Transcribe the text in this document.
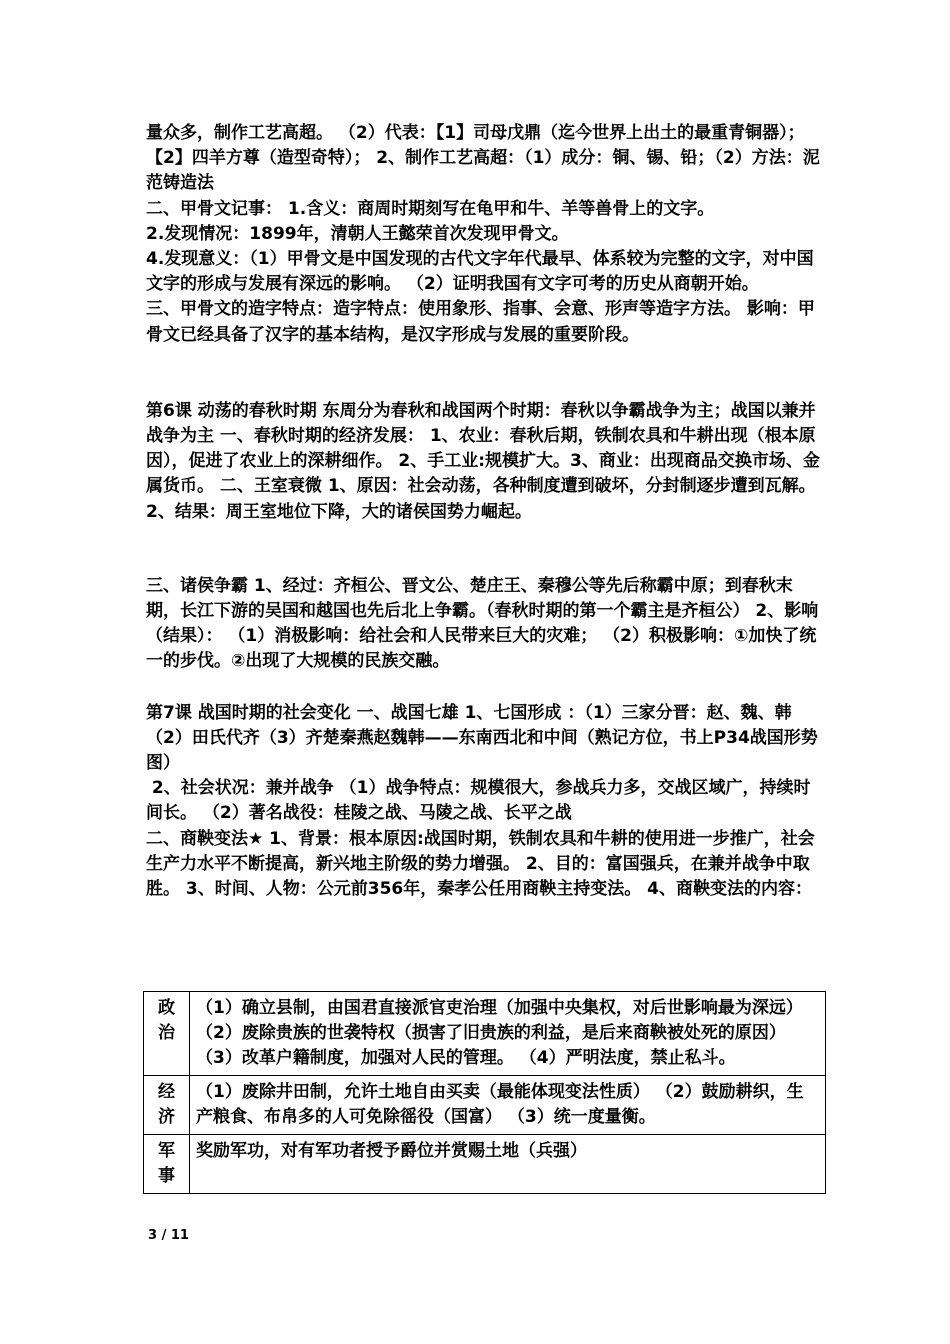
量众多，制作工艺高超。 （2）代表：【1】司母戊鼎（迄今世界上出土的最重青铜器）； 【2】四羊方尊（造型奇特）； 2、制作工艺高超：（1）成分：铜、锡、铅；（2）方法：泥范铸造法

二、甲骨文记事： 1.含义：商周时期刻写在龟甲和牛、羊等兽骨上的文字。

2.发现情况：1899年，清朝人王懿荣首次发现甲骨文。

4.发现意义：（1）甲骨文是中国发现的古代文字年代最早、体系较为完整的文字，对中国文字的形成与发展有深远的影响。 （2）证明我国有文字可考的历史从商朝开始。

三、甲骨文的造字特点：造字特点：使用象形、指事、会意、形声等造字方法。 影响：甲骨文已经具备了汉字的基本结构，是汉字形成与发展的重要阶段。

第6课 动荡的春秋时期 东周分为春秋和战国两个时期：春秋以争霸战争为主；战国以兼并战争为主 一、春秋时期的经济发展： 1、农业：春秋后期，铁制农具和牛耕出现（根本原因），促进了农业上的深耕细作。 2、手工业:规模扩大。3、商业：出现商品交换市场、金属货币。 二、王室衰微 1、原因：社会动荡，各种制度遭到破坏，分封制逐步遭到瓦解。 2、结果：周王室地位下降，大的诸侯国势力崛起。

三、诸侯争霸 1、经过：齐桓公、晋文公、楚庄王、秦穆公等先后称霸中原；到春秋末期，长江下游的吴国和越国也先后北上争霸。（春秋时期的第一个霸主是齐桓公） 2、影响（结果）： （1）消极影响：给社会和人民带来巨大的灾难； （2）积极影响：①加快了统一的步伐。②出现了大规模的民族交融。

第7课 战国时期的社会变化 一、战国七雄 1、七国形成 ：（1）三家分晋：赵、魏、韩

（2）田氏代齐（3）齐楚秦燕赵魏韩——东南西北和中间（熟记方位，书上P34战国形势图）

2、社会状况：兼并战争 （1）战争特点：规模很大，参战兵力多，交战区域广，持续时间长。 （2）著名战役：桂陵之战、马陵之战、长平之战

二、商鞅变法★ 1、背景：根本原因:战国时期，铁制农具和牛耕的使用进一步推广，社会生产力水平不断提高，新兴地主阶级的势力增强。 2、目的：富国强兵，在兼并战争中取胜。 3、时间、人物：公元前356年，秦孝公任用商鞅主持变法。 4、商鞅变法的内容：

政治	（1）确立县制，由国君直接派官吏治理（加强中央集权，对后世影响最为深远） （2）废除贵族的世袭特权（损害了旧贵族的利益，是后来商鞅被处死的原因） （3）改革户籍制度，加强对人民的管理。 （4）严明法度，禁止私斗。

经济	（1）废除井田制，允许土地自由买卖（最能体现变法性质） （2）鼓励耕织，生产粮食、布帛多的人可免除徭役（国富） （3）统一度量衡。

军事	奖励军功，对有军功者授予爵位并赏赐土地（兵强）
3 / 11
